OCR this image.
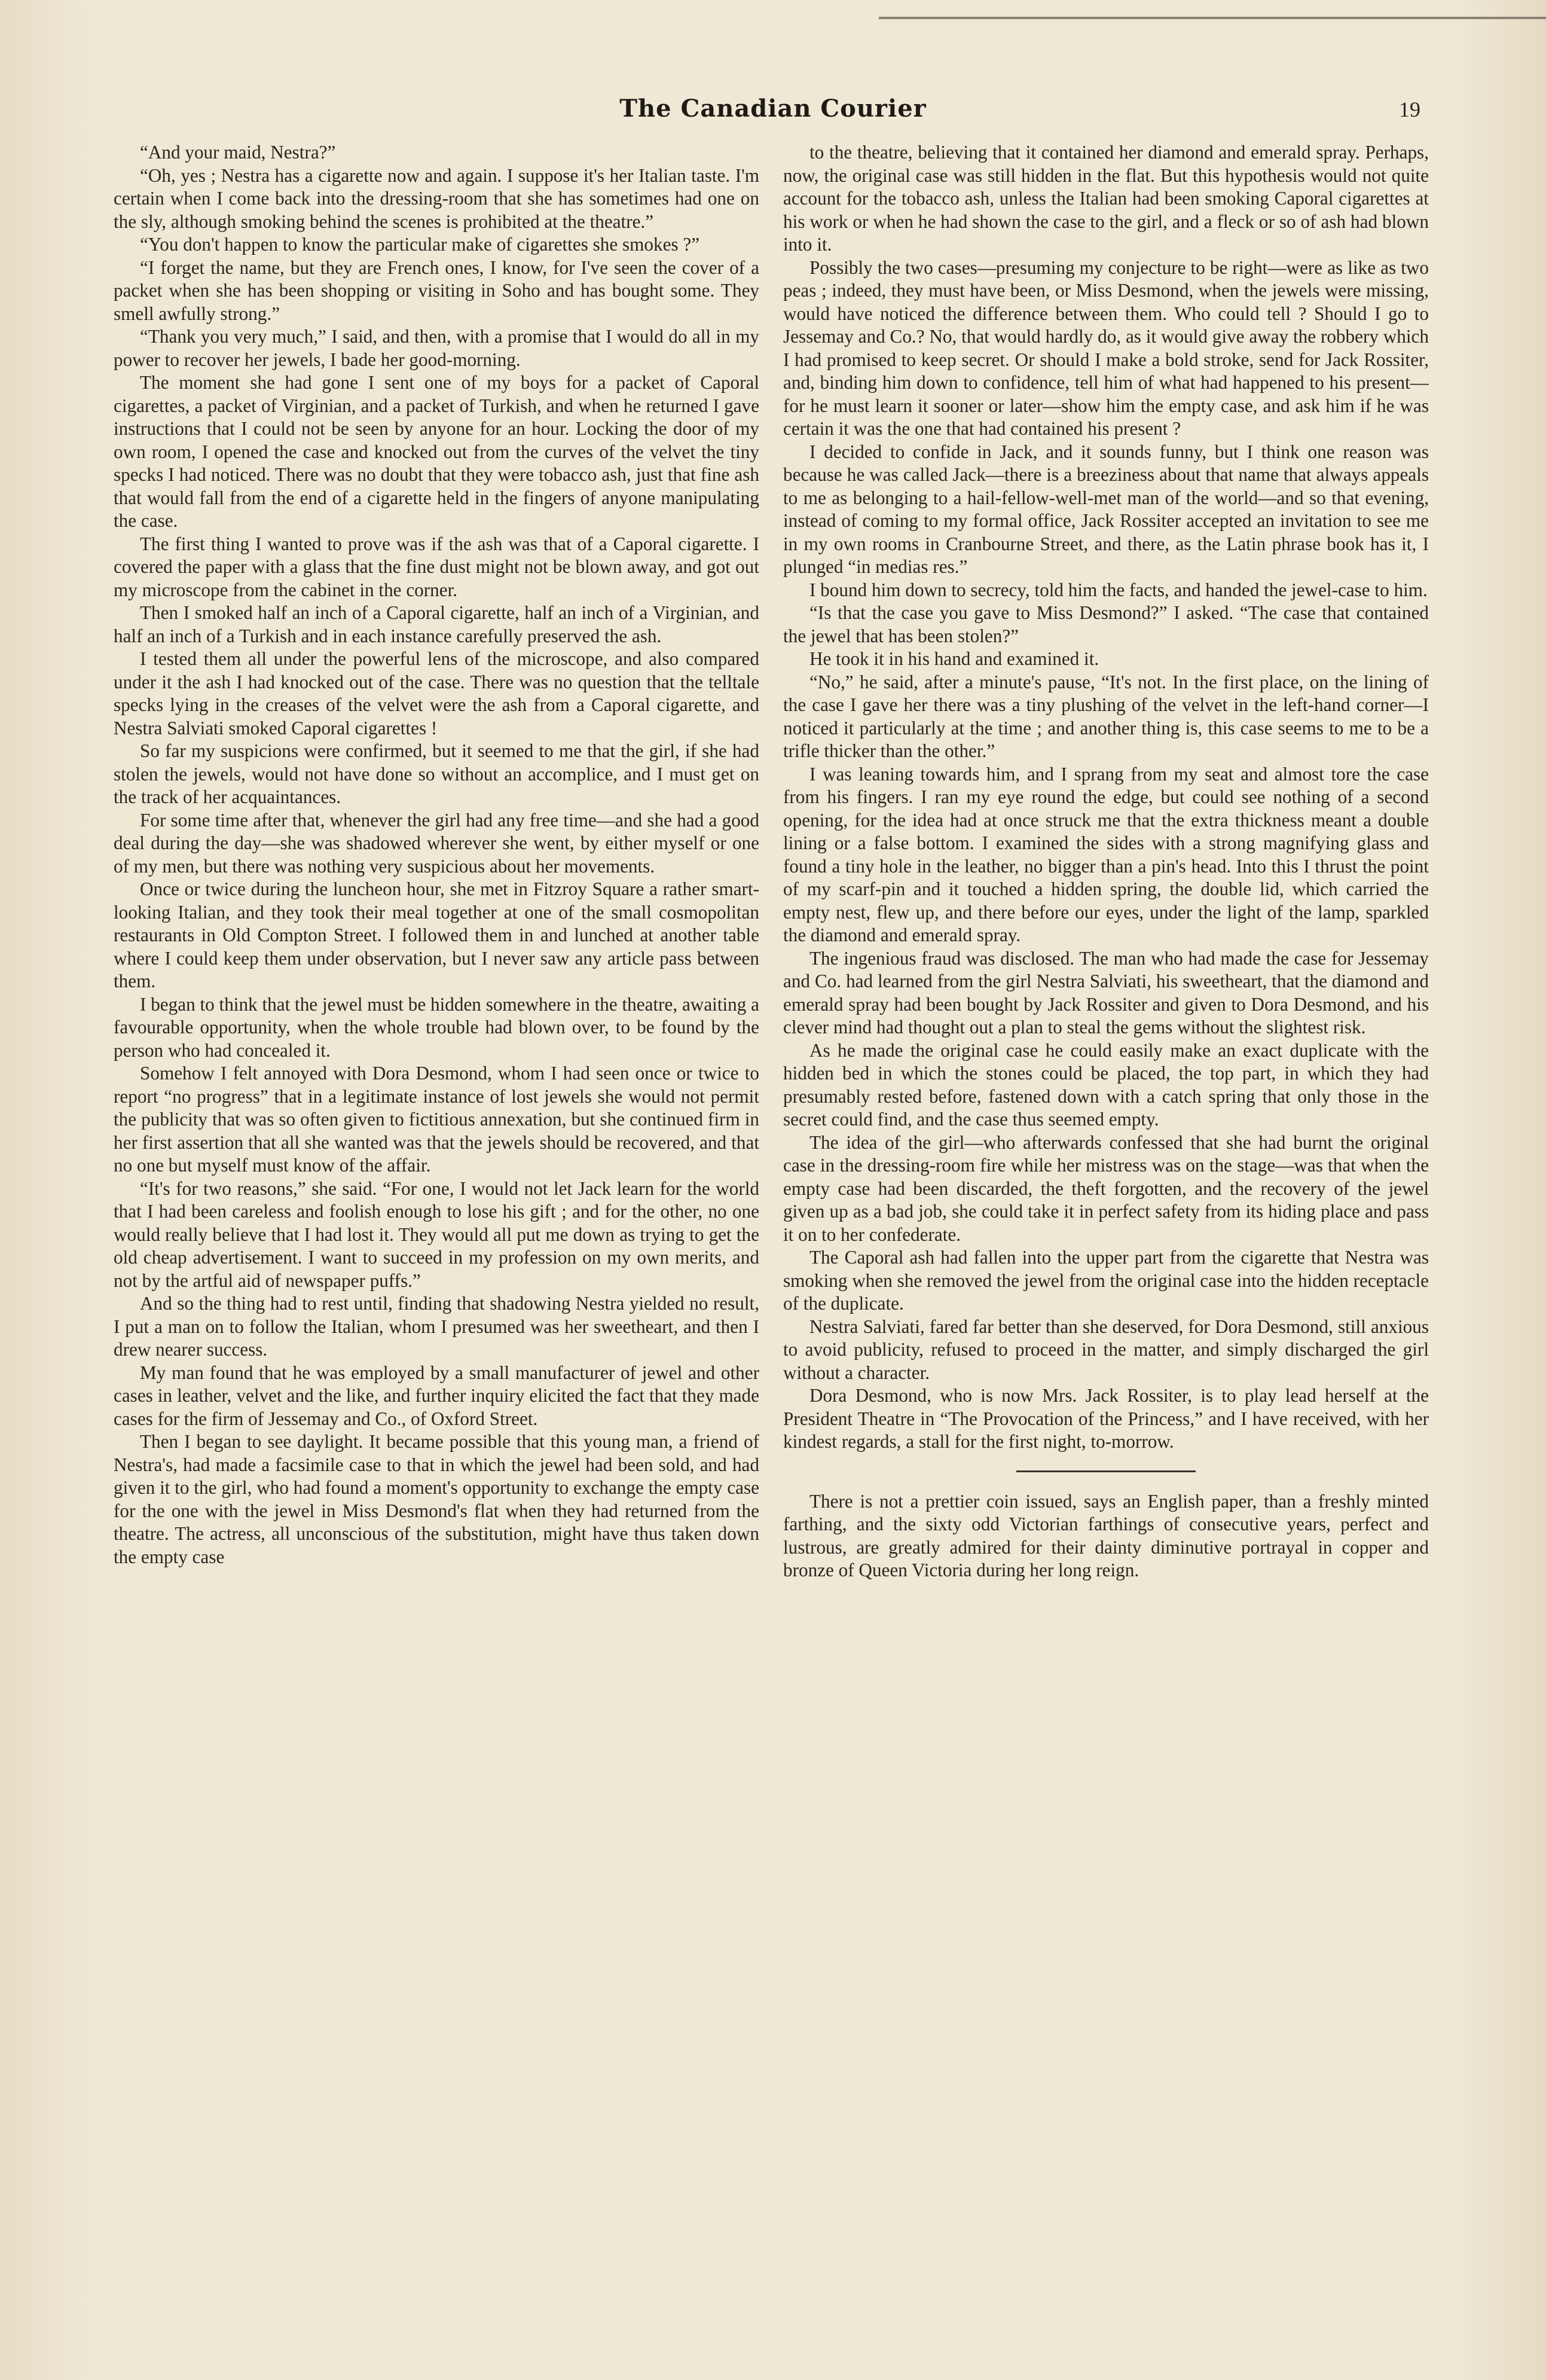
The Canadian Courier	19

“And your maid, Nestra?”

“Oh, yes ; Nestra has a cigarette now and again. I suppose it's her Italian taste. I'm certain when I come back into the dressing-room that she has sometimes had one on the sly, although smoking behind the scenes is prohibited at the theatre.”

“You don't happen to know the particular make of cigarettes she smokes ?”

“I forget the name, but they are French ones, I know, for I've seen the cover of a packet when she has been shopping or visiting in Soho and has bought some. They smell awfully strong.”

“Thank you very much,” I said, and then, with a promise that I would do all in my power to recover her jewels, I bade her good-morning.

The moment she had gone I sent one of my boys for a packet of Caporal cigarettes, a packet of Virginian, and a packet of Turkish, and when he returned I gave instructions that I could not be seen by anyone for an hour. Locking the door of my own room, I opened the case and knocked out from the curves of the velvet the tiny specks I had noticed. There was no doubt that they were tobacco ash, just that fine ash that would fall from the end of a cigarette held in the fingers of anyone manipulating the case.

The first thing I wanted to prove was if the ash was that of a Caporal cigarette. I covered the paper with a glass that the fine dust might not be blown away, and got out my microscope from the cabinet in the corner.

Then I smoked half an inch of a Caporal cigarette, half an inch of a Virginian, and half an inch of a Turkish and in each instance carefully preserved the ash.

I tested them all under the powerful lens of the microscope, and also compared under it the ash I had knocked out of the case. There was no question that the telltale specks lying in the creases of the velvet were the ash from a Caporal cigarette, and Nestra Salviati smoked Caporal cigarettes !

So far my suspicions were confirmed, but it seemed to me that the girl, if she had stolen the jewels, would not have done so without an accomplice, and I must get on the track of her acquaintances.

For some time after that, whenever the girl had any free time—and she had a good deal during the day—she was shadowed wherever she went, by either myself or one of my men, but there was nothing very suspicious about her movements.

Once or twice during the luncheon hour, she met in Fitzroy Square a rather smart-looking Italian, and they took their meal together at one of the small cosmopolitan restaurants in Old Compton Street. I followed them in and lunched at another table where I could keep them under observation, but I never saw any article pass between them.

I began to think that the jewel must be hidden somewhere in the theatre, awaiting a favourable opportunity, when the whole trouble had blown over, to be found by the person who had concealed it.

Somehow I felt annoyed with Dora Desmond, whom I had seen once or twice to report “no progress” that in a legitimate instance of lost jewels she would not permit the publicity that was so often given to fictitious annexation, but she continued firm in her first assertion that all she wanted was that the jewels should be recovered, and that no one but myself must know of the affair.

“It's for two reasons,” she said. “For one, I would not let Jack learn for the world that I had been careless and foolish enough to lose his gift ; and for the other, no one would really believe that I had lost it. They would all put me down as trying to get the old cheap advertisement. I want to succeed in my profession on my own merits, and not by the artful aid of newspaper puffs.”

And so the thing had to rest until, finding that shadowing Nestra yielded no result, I put a man on to follow the Italian, whom I presumed was her sweetheart, and then I drew nearer success.

My man found that he was employed by a small manufacturer of jewel and other cases in leather, velvet and the like, and further inquiry elicited the fact that they made cases for the firm of Jessemay and Co., of Oxford Street.

Then I began to see daylight. It became possible that this young man, a friend of Nestra's, had made a facsimile case to that in which the jewel had been sold, and had given it to the girl, who had found a moment's opportunity to exchange the empty case for the one with the jewel in Miss Desmond's flat when they had returned from the theatre. The actress, all unconscious of the substitution, might have thus taken down the empty case

to the theatre, believing that it contained her diamond and emerald spray. Perhaps, now, the original case was still hidden in the flat. But this hypothesis would not quite account for the tobacco ash, unless the Italian had been smoking Caporal cigarettes at his work or when he had shown the case to the girl, and a fleck or so of ash had blown into it.

Possibly the two cases—presuming my conjecture to be right—were as like as two peas ; indeed, they must have been, or Miss Desmond, when the jewels were missing, would have noticed the difference between them. Who could tell ? Should I go to Jessemay and Co.? No, that would hardly do, as it would give away the robbery which I had promised to keep secret. Or should I make a bold stroke, send for Jack Rossiter, and, binding him down to confidence, tell him of what had happened to his present—for he must learn it sooner or later—show him the empty case, and ask him if he was certain it was the one that had contained his present ?

I decided to confide in Jack, and it sounds funny, but I think one reason was because he was called Jack—there is a breeziness about that name that always appeals to me as belonging to a hail-fellow-well-met man of the world—and so that evening, instead of coming to my formal office, Jack Rossiter accepted an invitation to see me in my own rooms in Cranbourne Street, and there, as the Latin phrase book has it, I plunged “in medias res.”

I bound him down to secrecy, told him the facts, and handed the jewel-case to him.

“Is that the case you gave to Miss Desmond?” I asked. “The case that contained the jewel that has been stolen?”

He took it in his hand and examined it.

“No,” he said, after a minute's pause, “It's not. In the first place, on the lining of the case I gave her there was a tiny plushing of the velvet in the left-hand corner—I noticed it particularly at the time ; and another thing is, this case seems to me to be a trifle thicker than the other.”

I was leaning towards him, and I sprang from my seat and almost tore the case from his fingers. I ran my eye round the edge, but could see nothing of a second opening, for the idea had at once struck me that the extra thickness meant a double lining or a false bottom. I examined the sides with a strong magnifying glass and found a tiny hole in the leather, no bigger than a pin's head. Into this I thrust the point of my scarf-pin and it touched a hidden spring, the double lid, which carried the empty nest, flew up, and there before our eyes, under the light of the lamp, sparkled the diamond and emerald spray.

The ingenious fraud was disclosed. The man who had made the case for Jessemay and Co. had learned from the girl Nestra Salviati, his sweetheart, that the diamond and emerald spray had been bought by Jack Rossiter and given to Dora Desmond, and his clever mind had thought out a plan to steal the gems without the slightest risk.

As he made the original case he could easily make an exact duplicate with the hidden bed in which the stones could be placed, the top part, in which they had presumably rested before, fastened down with a catch spring that only those in the secret could find, and the case thus seemed empty.

The idea of the girl—who afterwards confessed that she had burnt the original case in the dressing-room fire while her mistress was on the stage—was that when the empty case had been discarded, the theft forgotten, and the recovery of the jewel given up as a bad job, she could take it in perfect safety from its hiding place and pass it on to her confederate.

The Caporal ash had fallen into the upper part from the cigarette that Nestra was smoking when she removed the jewel from the original case into the hidden receptacle of the duplicate.

Nestra Salviati, fared far better than she deserved, for Dora Desmond, still anxious to avoid publicity, refused to proceed in the matter, and simply discharged the girl without a character.

Dora Desmond, who is now Mrs. Jack Rossiter, is to play lead herself at the President Theatre in “The Provocation of the Princess,” and I have received, with her kindest regards, a stall for the first night, to-morrow.

There is not a prettier coin issued, says an English paper, than a freshly minted farthing, and the sixty odd Victorian farthings of consecutive years, perfect and lustrous, are greatly admired for their dainty diminutive portrayal in copper and bronze of Queen Victoria during her long reign.
